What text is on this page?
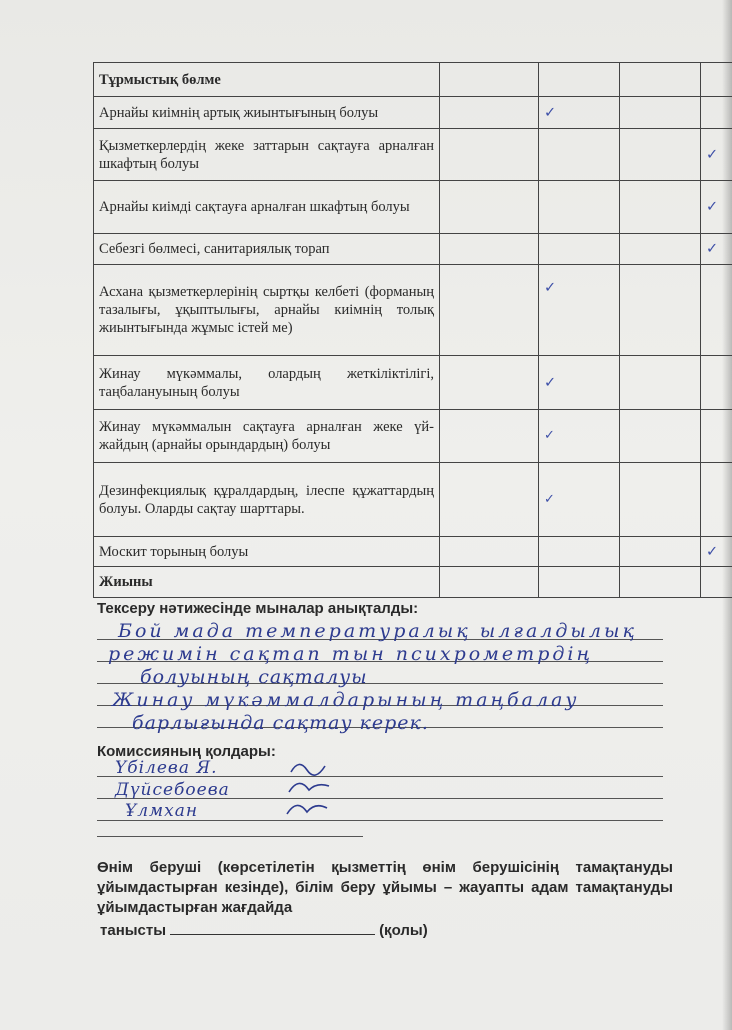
Тұрмыстық бөлме				
Арнайы киімнің артық жиынтығының болуы		✓		
Қызметкерлердің жеке заттарын сақтауға арналған шкафтың болуы				✓
Арнайы киімді сақтауға арналған шкафтың болуы				✓
Себезгі бөлмесі, санитариялық торап				✓
Асхана қызметкерлерінің сыртқы келбеті (форманың тазалығы, ұқыптылығы, арнайы киімнің толық жиынтығында жұмыс істей ме)		✓		
Жинау мүкәммалы, олардың жеткіліктілігі, таңбалануының болуы		✓		
Жинау мүкәммалын сақтауға арналған жеке үй-жайдың (арнайы орындардың) болуы		✓		
Дезинфекциялық құралдардың, ілеспе құжаттардың болуы. Оларды сақтау шарттары.		✓		
Москит торының болуы				✓
Жиыны				
Тексеру нәтижесінде мыналар анықталды:
Бой мада температуралық ылғалдылық
режимін сақтап тын психрометрдің
болуының сақталуы
Жинау мүкәммалдарының таңбалау
барлығында сақтау керек.
Комиссияның қолдары:
Үбілева Я.
Дүйсебоева
Ұлмхан
Өнім беруші (көрсетілетін қызметтің өнім берушісінің тамақтануды ұйымдастырған кезінде), білім беру ұйымы – жауапты адам тамақтануды ұйымдастырған жағдайда
таныcты	(қолы)
